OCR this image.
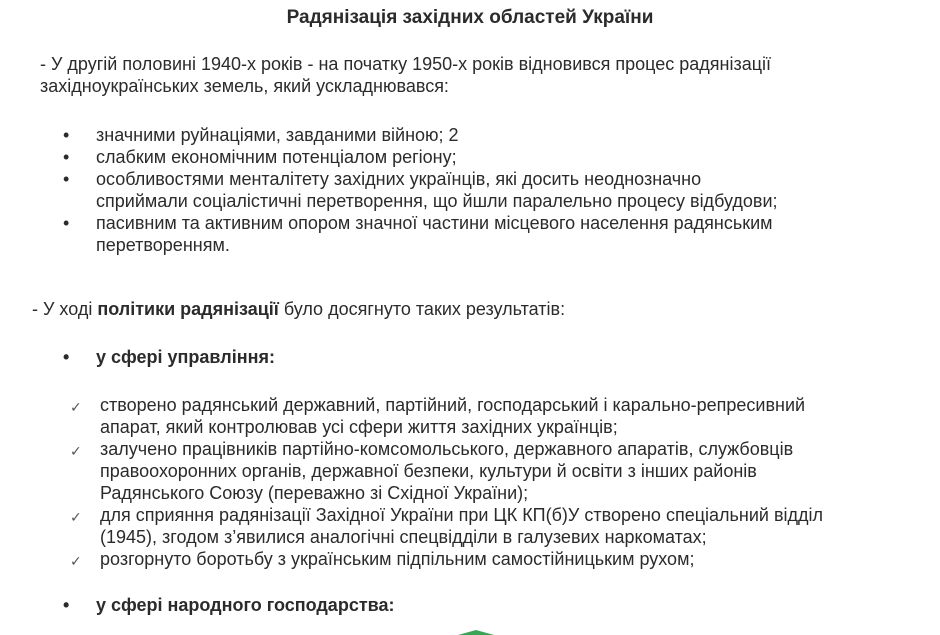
Радянізація західних областей України
- У другій половині 1940-х років - на початку 1950-х років відновився процес радянізації західноукраїнських земель, який ускладнювався:
• значними руйнаціями, завданими війною; 2
• слабким економічним потенціалом регіону;
• особливостями менталітету західних українців, які досить неоднозначно сприймали соціалістичні перетворення, що йшли паралельно процесу відбудови;
• пасивним та активним опором значної частини місцевого населення радянським перетворенням.
- У ході політики радянізації було досягнуто таких результатів:
• у сфері управління:
✓ створено радянський державний, партійний, господарський і карально-репресивний апарат, який контролював усі сфери життя західних українців;
✓ залучено працівників партійно-комсомольського, державного апаратів, службовців правоохоронних органів, державної безпеки, культури й освіти з інших районів Радянського Союзу (переважно зі Східної України);
✓ для сприяння радянізації Західної України при ЦК КП(б)У створено спеціальний відділ (1945), згодом з’явилися аналогічні спецвідділи в галузевих наркоматах;
✓ розгорнуто боротьбу з українським підпільним самостійницьким рухом;
• у сфері народного господарства:
